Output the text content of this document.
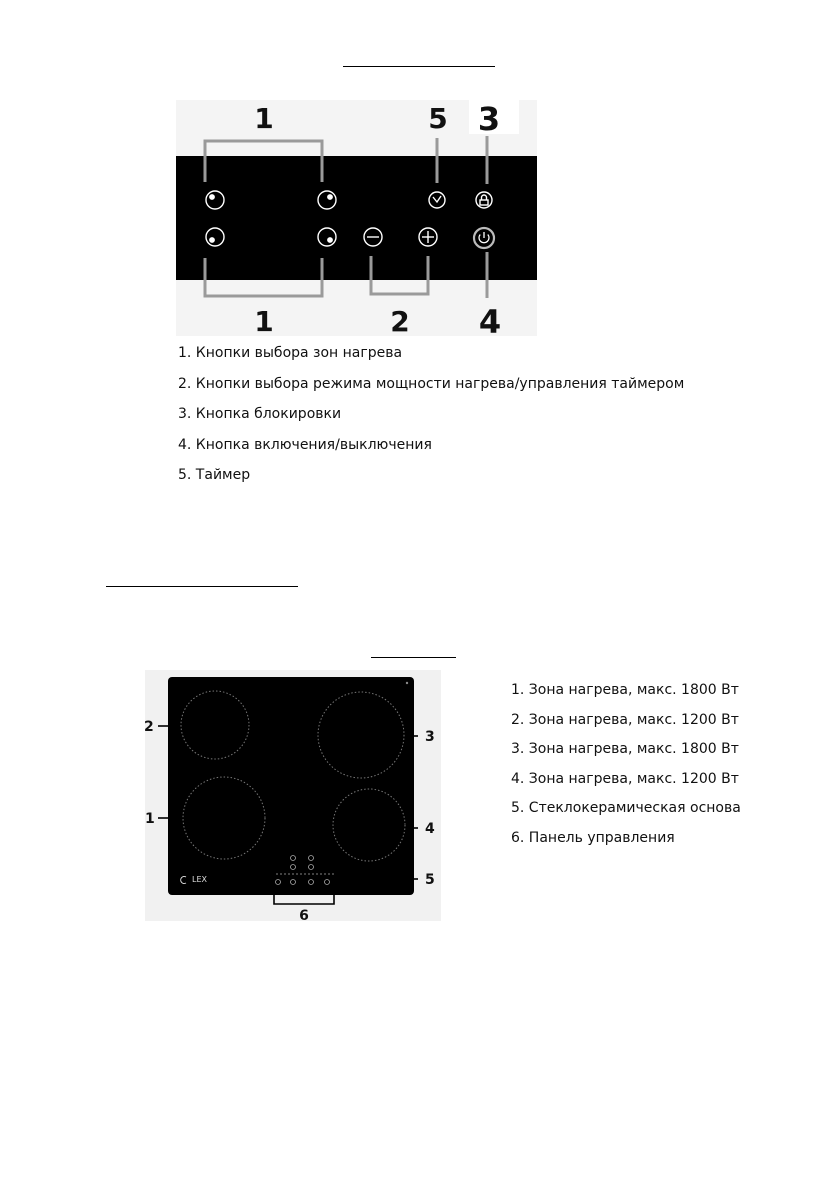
1	5 3
1	2 4
1. Кнопки выбора зон нагрева
2. Кнопки выбора режима мощности нагрева/управления таймером
3. Кнопка блокировки
4. Кнопка включения/выключения
5. Таймер
LEX
2
1
3
4
5
6
1. Зона нагрева, макс. 1800 Вт
2. Зона нагрева, макс. 1200 Вт
3. Зона нагрева, макс. 1800 Вт
4. Зона нагрева, макс. 1200 Вт
5. Стеклокерамическая основа
6. Панель управления
